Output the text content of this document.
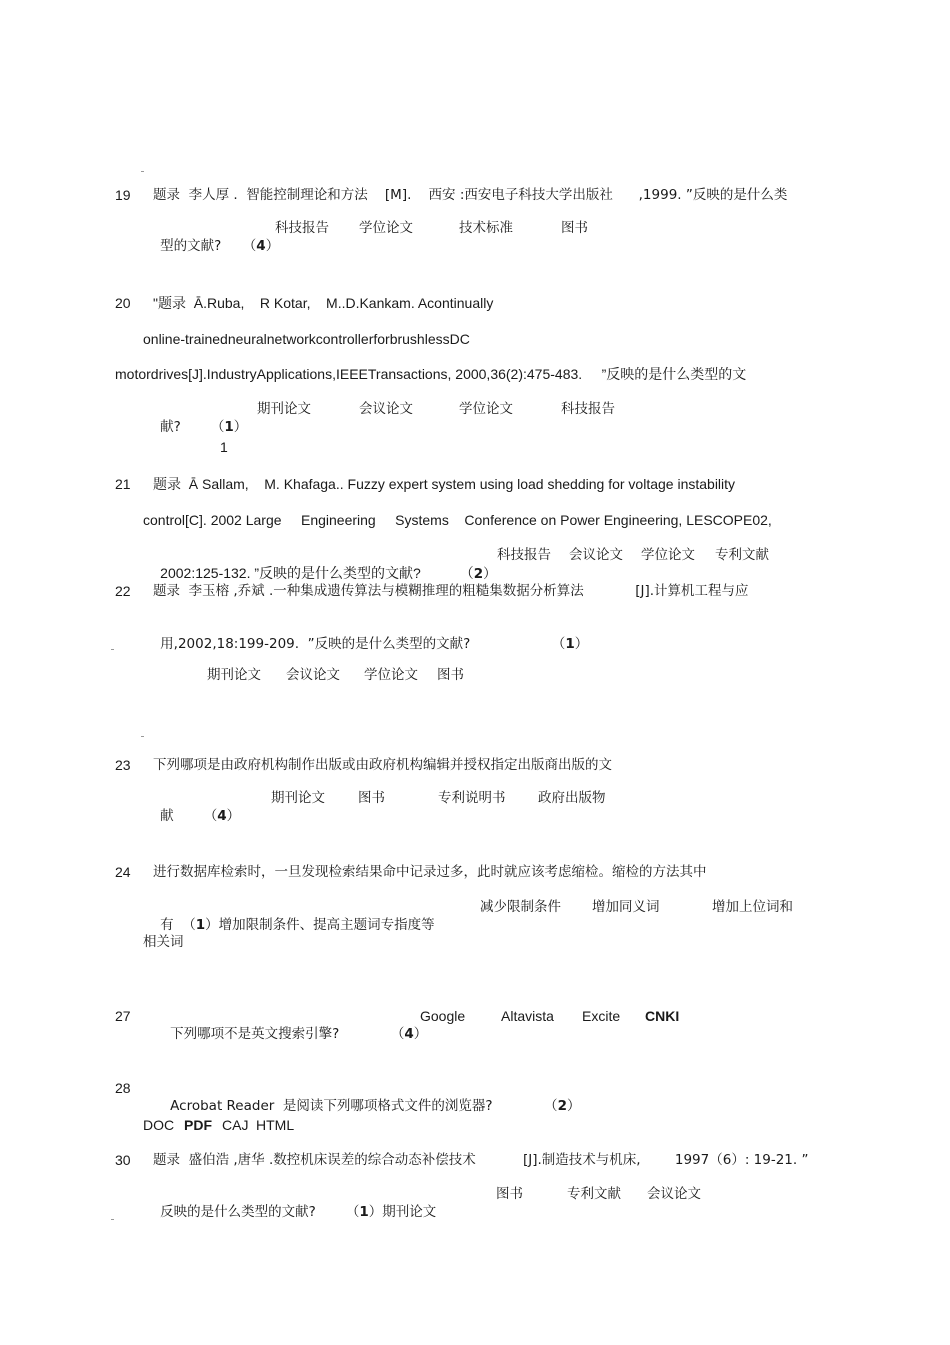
19 题录  李人厚 .  智能控制理论和方法    [M].    西安 :西安电子科技大学出版社      ,1999. ”反映的是什么类

型的文献?     （4）

科技报告 学位论文	技术标准	图书
20 "题录  Ā.Ruba,    R Kotar,    M..D.Kankam. Acontinually
online-trainedneuralnetworkcontrollerforbrushlessDC
motordrives[J].IndustryApplications,IEEETransactions, 2000,36(2):475-483.     ”反映的是什么类型的文

献?       （1）

期刊论文	会议论文	学位论文	科技报告
1
21 题录  Ā Sallam,    M. Khafaga.. Fuzzy expert system using load shedding for voltage instability
control[C]. 2002 Large     Engineering     Systems    Conference on Power Engineering, LESCOPE02,

2002:125-132. ”反映的是什么类型的文献?          （2）

科技报告 会议论文 学位论文 专利文献
22 题录  李玉榕 ,乔斌 .一种集成遗传算法与模糊推理的粗糙集数据分析算法            [J].计算机工程与应

用,2002,18:199-209.  ”反映的是什么类型的文献?                   （1）

期刊论文 会议论文 学位论文 图书
23 下列哪项是由政府机构制作出版或由政府机构编辑并授权指定出版商出版的文

献       （4）

期刊论文 图书	专利说明书 政府出版物
24 进行数据库检索时，一旦发现检索结果命中记录过多，此时就应该考虑缩检。缩检的方法其中

有  （1）增加限制条件、提高主题词专指度等

减少限制条件 增加同义词	增加上位词和
相关词
27

下列哪项不是英文搜索引擎?            （4）

Google	Altavista Excite CNKI
28

Acrobat Reader  是阅读下列哪项格式文件的浏览器?            （2）

DOC PDF CAJ HTML
30 题录  盛伯浩 ,唐华 .数控机床误差的综合动态补偿技术           [J].制造技术与机床,        1997（6）: 19-21. ”

反映的是什么类型的文献?       （1）期刊论文

图书	专利文献 会议论文
